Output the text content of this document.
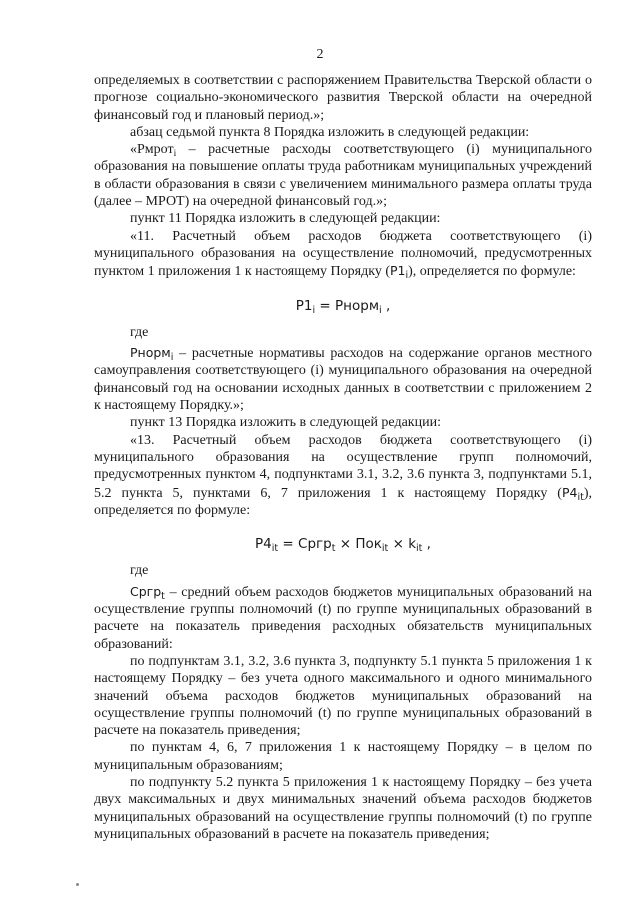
2

определяемых в соответствии с распоряжением Правительства Тверской области о прогнозе социально-экономического развития Тверской области на очередной финансовый год и плановый период.»;

абзац седьмой пункта 8 Порядка изложить в следующей редакции:

«Рмрот$_i$ – расчетные расходы соответствующего (i) муниципального образования на повышение оплаты труда работникам муниципальных учреждений в области образования в связи с увеличением минимального размера оплаты труда (далее – МРОТ) на очередной финансовый год.»;

пункт 11 Порядка изложить в следующей редакции:

«11. Расчетный объем расходов бюджета соответствующего (i) муниципального образования на осуществление полномочий, предусмотренных пунктом 1 приложения 1 к настоящему Порядку $(Р1_i)$, определяется по формуле:

$Р1_i$ = Рнорм$_i$ ,

где

Рнорм$_i$ – расчетные нормативы расходов на содержание органов местного самоуправления соответствующего (i) муниципального образования на очередной финансовый год на основании исходных данных в соответствии с приложением 2 к настоящему Порядку.»;

пункт 13 Порядка изложить в следующей редакции:

«13. Расчетный объем расходов бюджета соответствующего (i) муниципального образования на осуществление групп полномочий, предусмотренных пунктом 4, подпунктами 3.1, 3.2, 3.6 пункта 3, подпунктами 5.1, 5.2 пункта 5, пунктами 6, 7 приложения 1 к настоящему Порядку $(Р4_{it})$, определяется по формуле:

$Р4_{it}$ = Сргр$_t$ × $Пок_{it} \times k_{it}$ ,

где

Сргр$_t$ – средний объем расходов бюджетов муниципальных образований на осуществление группы полномочий (t) по группе муниципальных образований в расчете на показатель приведения расходных обязательств муниципальных образований:

по подпунктам 3.1, 3.2, 3.6 пункта 3, подпункту 5.1 пункта 5 приложения 1 к настоящему Порядку – без учета одного максимального и одного минимального значений объема расходов бюджетов муниципальных образований на осуществление группы полномочий (t) по группе муниципальных образований в расчете на показатель приведения;

по пунктам 4, 6, 7 приложения 1 к настоящему Порядку – в целом по муниципальным образованиям;

по подпункту 5.2 пункта 5 приложения 1 к настоящему Порядку – без учета двух максимальных и двух минимальных значений объема расходов бюджетов муниципальных образований на осуществление группы полномочий (t) по группе муниципальных образований в расчете на показатель приведения;
